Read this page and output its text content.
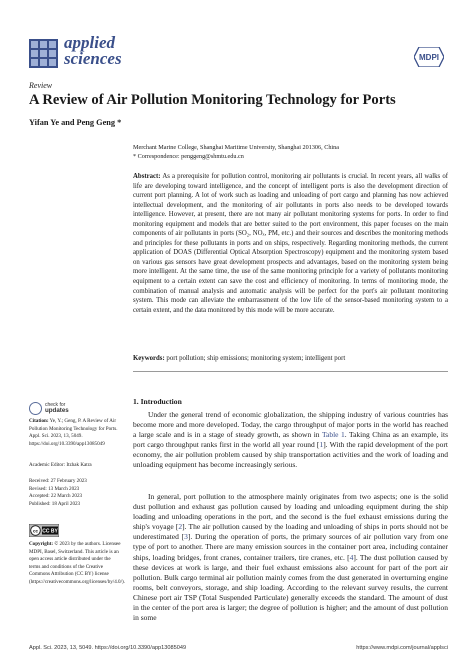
applied
sciences	MDPI
Review
A Review of Air Pollution Monitoring Technology for Ports
Yifan Ye and Peng Geng *
Merchant Marine College, Shanghai Maritime University, Shanghai 201306, China
* Correspondence: penggeng@shmtu.edu.cn
Abstract: As a prerequisite for pollution control, monitoring air pollutants is crucial. In recent years, all walks of life are developing toward intelligence, and the concept of intelligent ports is also the development direction of current port planning. A lot of work such as loading and unloading of port cargo and planning has now achieved intellectual development, and the monitoring of air pollutants in ports also needs to be developed towards intelligence. However, at present, there are not many air pollutant monitoring systems for ports. In order to find monitoring equipment and models that are better suited to the port environment, this paper focuses on the main components of air pollutants in ports (SO₂, NOₓ, PM, etc.) and their sources and describes the monitoring methods and principles for these pollutants in ports and on ships, respectively. Regarding monitoring methods, the current application of DOAS (Differential Optical Absorption Spectroscopy) equipment and the monitoring system based on various gas sensors have great development prospects and advantages, based on the monitoring system being more intelligent. At the same time, the use of the same monitoring principle for a variety of pollutants monitoring equipment to a certain extent can save the cost and efficiency of monitoring. In terms of monitoring mode, the combination of manual analysis and automatic analysis will be perfect for the port's air pollutant monitoring system. This mode can alleviate the embarrassment of the low life of the sensor-based monitoring system to a certain extent, and the data monitored by this mode will be more accurate.
Keywords: port pollution; ship emissions; monitoring system; intelligent port
check for
updates
Citation: Ye, Y.; Geng, P. A Review of Air Pollution Monitoring Technology for Ports. Appl. Sci. 2023, 13, 5049. https://doi.org/10.3390/app13085049
Academic Editor: Itzhak Katra
Received: 27 February 2023
Revised: 13 March 2023
Accepted: 22 March 2023
Published: 18 April 2023
cc CC BY
Copyright: © 2023 by the authors. Licensee MDPI, Basel, Switzerland. This article is an open access article distributed under the terms and conditions of the Creative Commons Attribution (CC BY) license (https://creativecommons.org/licenses/by/4.0/).
1. Introduction
Under the general trend of economic globalization, the shipping industry of various countries has become more and more developed. Today, the cargo throughput of major ports in the world has reached a large scale and is in a stage of steady growth, as shown in Table 1. Taking China as an example, its port cargo throughput ranks first in the world all year round [1]. With the rapid development of the port economy, the air pollution problem caused by ship transportation activities and the work of loading and unloading equipment has become increasingly serious.
In general, port pollution to the atmosphere mainly originates from two aspects; one is the solid dust pollution and exhaust gas pollution caused by loading and unloading equipment during the ship loading and unloading operations in the port, and the second is the fuel exhaust emissions during the ship's voyage [2]. The air pollution caused by the loading and unloading of ships in ports should not be underestimated [3]. During the operation of ports, the primary sources of air pollution vary from one type of port to another. There are many emission sources in the container port area, including container ships, loading bridges, front cranes, container trailers, tire cranes, etc. [4]. The dust pollution caused by these devices at work is large, and their fuel exhaust emissions also account for part of the port air pollution. Bulk cargo terminal air pollution mainly comes from the dust generated in overturning engine rooms, belt conveyors, storage, and ship loading. According to the relevant survey results, the current Chinese port air TSP (Total Suspended Particulate) generally exceeds the standard. The amount of dust in the center of the port area is larger; the degree of pollution is higher; and the amount of dust pollution in some
Appl. Sci. 2023, 13, 5049. https://doi.org/10.3390/app13085049	https://www.mdpi.com/journal/applsci
